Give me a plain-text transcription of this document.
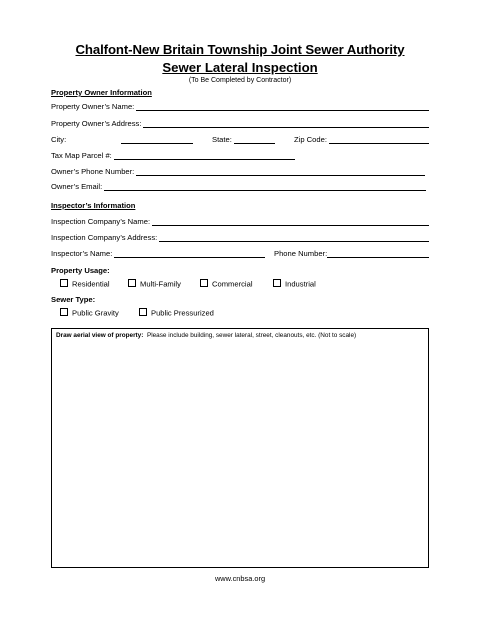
Chalfont-New Britain Township Joint Sewer Authority
Sewer Lateral Inspection
(To Be Completed by Contractor)
Property Owner Information
Property Owner’s Name:
Property Owner’s Address:
City:	State:	Zip Code:
Tax Map Parcel #:
Owner’s Phone Number:
Owner’s Email:
Inspector’s Information
Inspection Company’s Name:
Inspection Company’s Address:
Inspector’s Name:	Phone Number:
Property Usage:
Residential	Multi-Family	Commercial	Industrial
Sewer Type:
Public Gravity	Public Pressurized
Draw aerial view of property: Please include building, sewer lateral, street, cleanouts, etc. (Not to scale)
www.cnbsa.org
